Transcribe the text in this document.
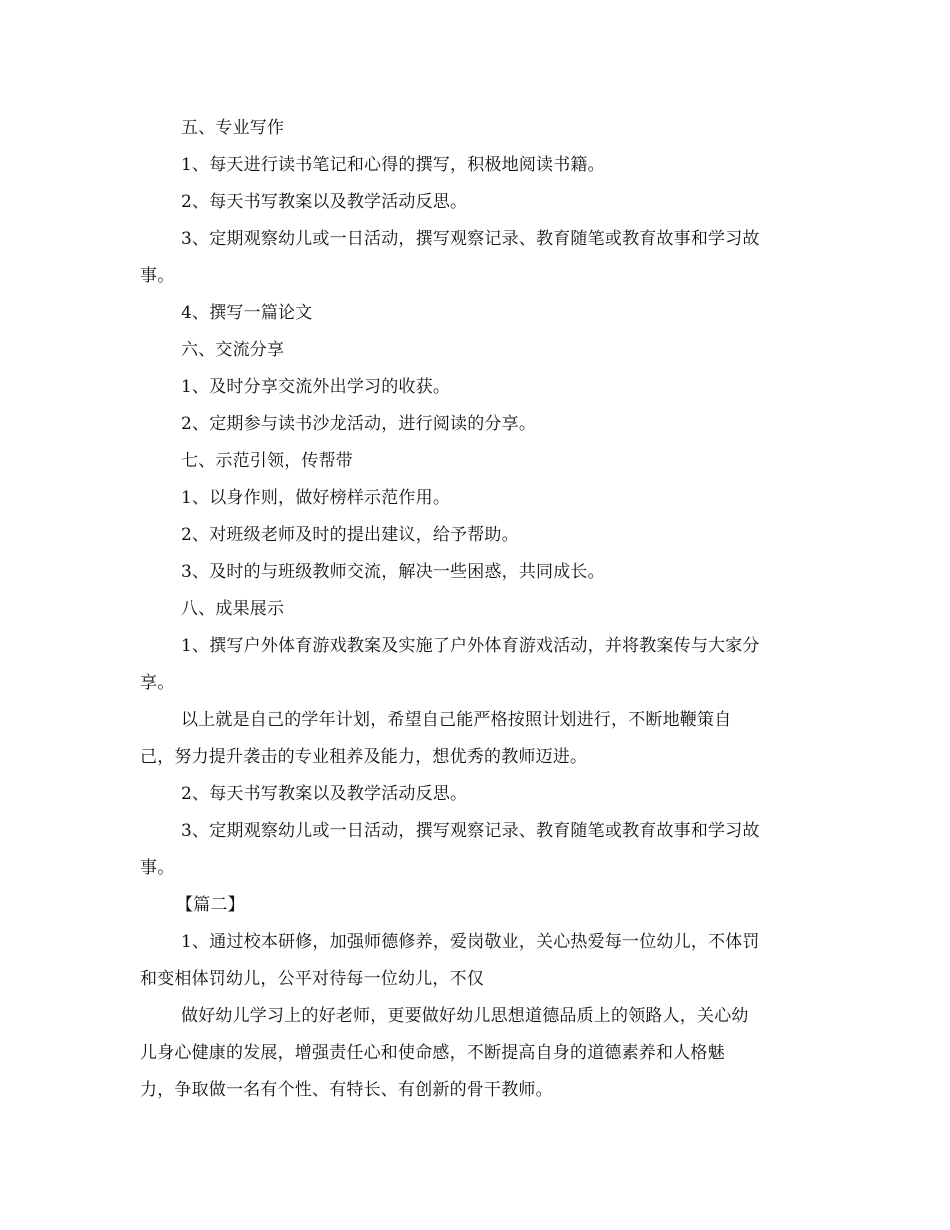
五、专业写作
1、每天进行读书笔记和心得的撰写，积极地阅读书籍。
2、每天书写教案以及教学活动反思。
3、定期观察幼儿或一日活动，撰写观察记录、教育随笔或教育故事和学习故
事。
4、撰写一篇论文
六、交流分享
1、及时分享交流外出学习的收获。
2、定期参与读书沙龙活动，进行阅读的分享。
七、示范引领，传帮带
1、以身作则，做好榜样示范作用。
2、对班级老师及时的提出建议，给予帮助。
3、及时的与班级教师交流，解决一些困惑，共同成长。
八、成果展示
1、撰写户外体育游戏教案及实施了户外体育游戏活动，并将教案传与大家分
享。
以上就是自己的学年计划，希望自己能严格按照计划进行，不断地鞭策自
己，努力提升袭击的专业租养及能力，想优秀的教师迈进。
2、每天书写教案以及教学活动反思。
3、定期观察幼儿或一日活动，撰写观察记录、教育随笔或教育故事和学习故
事。
【篇二】
1、通过校本研修，加强师德修养，爱岗敬业，关心热爱每一位幼儿，不体罚
和变相体罚幼儿，公平对待每一位幼儿，不仅
做好幼儿学习上的好老师，更要做好幼儿思想道德品质上的领路人，关心幼
儿身心健康的发展，增强责任心和使命感，不断提高自身的道德素养和人格魅
力，争取做一名有个性、有特长、有创新的骨干教师。
